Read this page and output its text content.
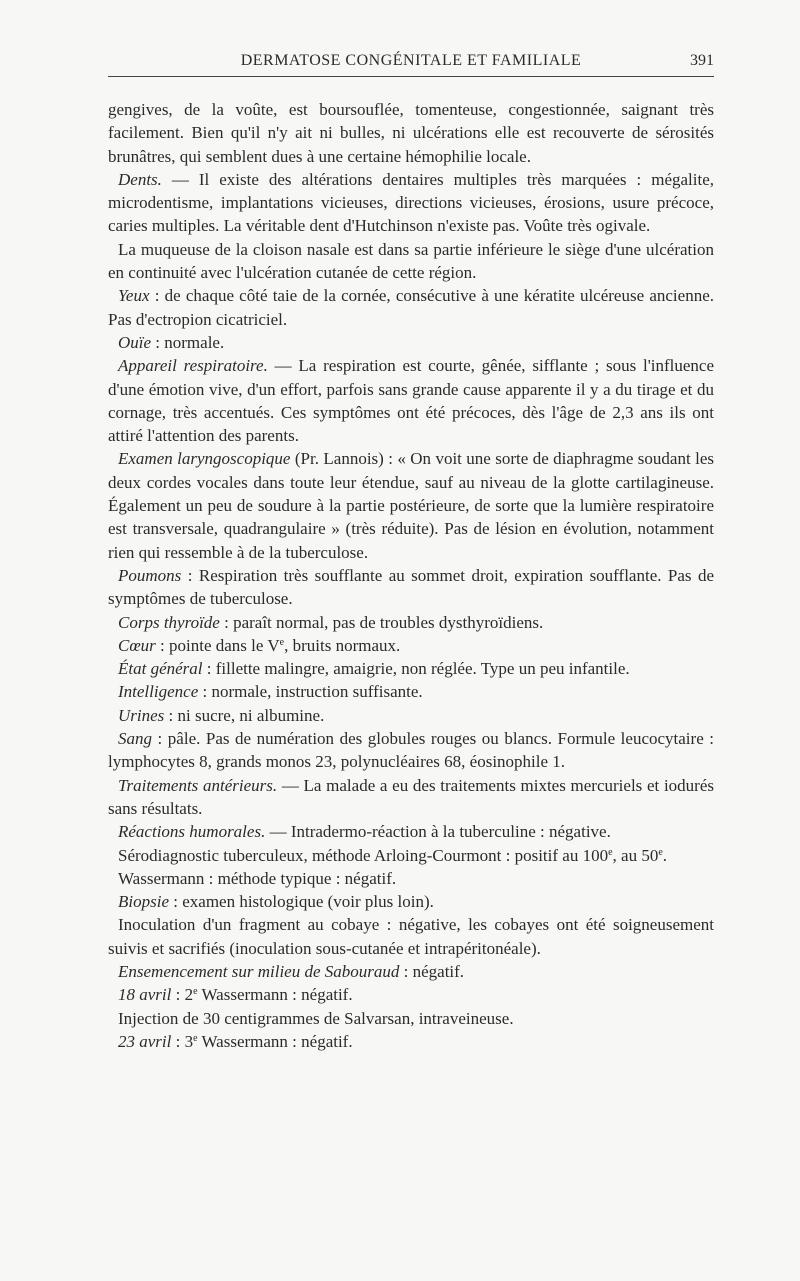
DERMATOSE CONGÉNITALE ET FAMILIALE	391

gengives, de la voûte, est boursouflée, tomenteuse, congestionnée, saignant très facilement. Bien qu'il n'y ait ni bulles, ni ulcérations elle est recouverte de sérosités brunâtres, qui semblent dues à une certaine hémophilie locale.

Dents. — Il existe des altérations dentaires multiples très marquées : mégalite, microdentisme, implantations vicieuses, directions vicieuses, érosions, usure précoce, caries multiples. La véritable dent d'Hutchinson n'existe pas. Voûte très ogivale.

La muqueuse de la cloison nasale est dans sa partie inférieure le siège d'une ulcération en continuité avec l'ulcération cutanée de cette région.

Yeux : de chaque côté taie de la cornée, consécutive à une kératite ulcéreuse ancienne. Pas d'ectropion cicatriciel.

Ouïe : normale.

Appareil respiratoire. — La respiration est courte, gênée, sifflante ; sous l'influence d'une émotion vive, d'un effort, parfois sans grande cause apparente il y a du tirage et du cornage, très accentués. Ces symptômes ont été précoces, dès l'âge de 2,3 ans ils ont attiré l'attention des parents.

Examen laryngoscopique (Pr. Lannois) : « On voit une sorte de diaphragme soudant les deux cordes vocales dans toute leur étendue, sauf au niveau de la glotte cartilagineuse. Également un peu de soudure à la partie postérieure, de sorte que la lumière respiratoire est transversale, quadrangulaire » (très réduite). Pas de lésion en évolution, notamment rien qui ressemble à de la tuberculose.

Poumons : Respiration très soufflante au sommet droit, expiration soufflante. Pas de symptômes de tuberculose.

Corps thyroïde : paraît normal, pas de troubles dysthyroïdiens.

Cœur : pointe dans le Ve, bruits normaux.

État général : fillette malingre, amaigrie, non réglée. Type un peu infantile.

Intelligence : normale, instruction suffisante.

Urines : ni sucre, ni albumine.

Sang : pâle. Pas de numération des globules rouges ou blancs. Formule leucocytaire : lymphocytes 8, grands monos 23, polynucléaires 68, éosinophile 1.

Traitements antérieurs. — La malade a eu des traitements mixtes mercuriels et iodurés sans résultats.

Réactions humorales. — Intradermo-réaction à la tuberculine : négative.

Sérodiagnostic tuberculeux, méthode Arloing-Courmont : positif au 100e, au 50e.

Wassermann : méthode typique : négatif.

Biopsie : examen histologique (voir plus loin).

Inoculation d'un fragment au cobaye : négative, les cobayes ont été soigneusement suivis et sacrifiés (inoculation sous-cutanée et intrapéritonéale).

Ensemencement sur milieu de Sabouraud : négatif.

18 avril : 2e Wassermann : négatif.

Injection de 30 centigrammes de Salvarsan, intraveineuse.

23 avril : 3e Wassermann : négatif.
